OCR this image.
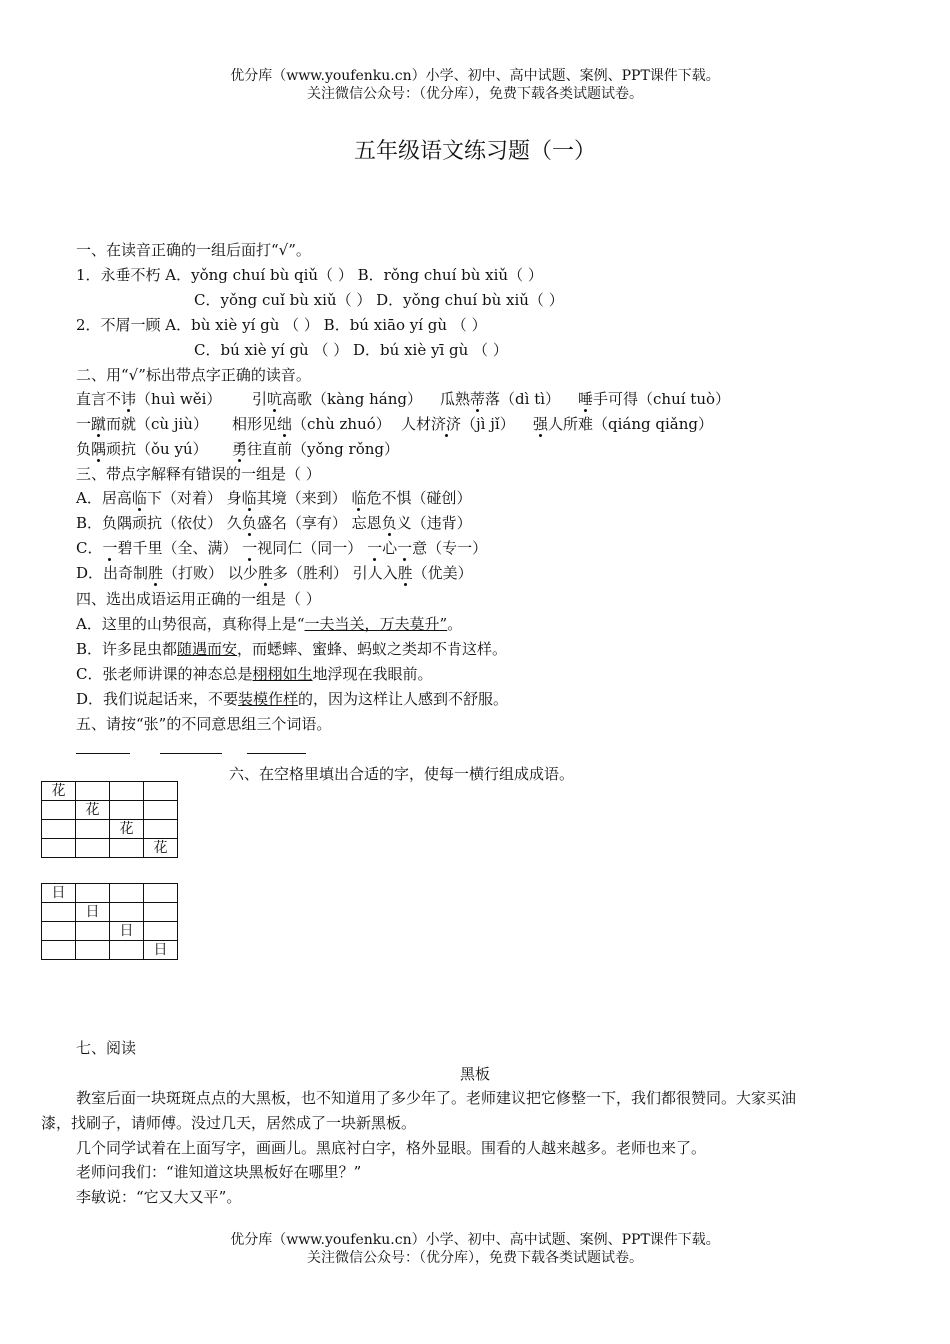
优分库（www.youfenku.cn）小学、初中、高中试题、案例、PPT课件下载。
关注微信公众号：（优分库），免费下载各类试题试卷。
五年级语文练习题（一）
一、在读音正确的一组后面打“√”。
1．永垂不朽 A．yǒng chuí bù qiǔ（ ） B．rǒng chuí bù xiǔ（ ）
C．yǒng cuǐ bù xiǔ（ ） D．yǒng chuí bù xiǔ（ ）
2．不屑一顾 A．bù xiè yí gù （ ） B．bú xiāo yí gù （ ）
C．bú xiè yí gù （ ） D．bú xiè yī gù （ ）
二、用“√”标出带点字正确的读音。
直言不讳（huì wěi） 引吭高歌（kàng háng） 瓜熟蒂落（dì tì） 唾手可得（chuí tuò）
一蹴而就（cù jiù） 相形见绌（chù zhuó） 人材济济（jì jǐ） 强人所难（qiáng qiǎng）
负隅顽抗（ǒu yú） 勇往直前（yǒng rǒng）
三、带点字解释有错误的一组是（ ）
A．居高临下（对着） 身临其境（来到） 临危不惧（碰创）
B．负隅顽抗（依仗） 久负盛名（享有） 忘恩负义（违背）
C．一碧千里（全、满） 一视同仁（同一） 一心一意（专一）
D．出奇制胜（打败） 以少胜多（胜利） 引人入胜（优美）
四、选出成语运用正确的一组是（ ）
A．这里的山势很高，真称得上是“一夫当关，万夫莫升”。
B．许多昆虫都随遇而安，而蟋蟀、蜜蜂、蚂蚁之类却不肯这样。
C．张老师讲课的神态总是栩栩如生地浮现在我眼前。
D．我们说起话来，不要装模作样的，因为这样让人感到不舒服。
五、请按“张”的不同意思组三个词语。
六、在空格里填出合适的字，使每一横行组成成语。
花			
	花		
		花	
			花
日			
	日		
		日	
			日
七、阅读
黑板
教室后面一块斑斑点点的大黑板，也不知道用了多少年了。老师建议把它修整一下，我们都很赞同。大家买油
漆，找刷子，请师傅。没过几天，居然成了一块新黑板。
几个同学试着在上面写字，画画儿。黑底衬白字，格外显眼。围看的人越来越多。老师也来了。
老师问我们：“谁知道这块黑板好在哪里？”
李敏说：“它又大又平”。
优分库（www.youfenku.cn）小学、初中、高中试题、案例、PPT课件下载。
关注微信公众号：（优分库），免费下载各类试题试卷。
